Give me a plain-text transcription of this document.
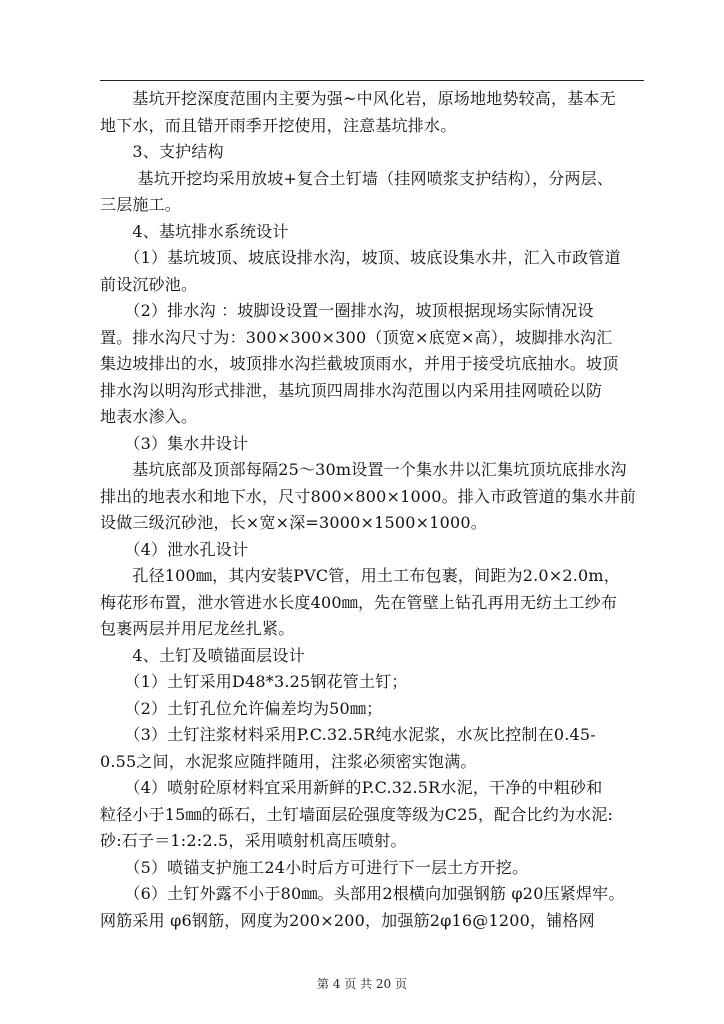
　　基坑开挖深度范围内主要为强~中风化岩，原场地地势较高，基本无
地下水，而且错开雨季开挖使用，注意基坑排水。
　　3、支护结构
　　 基坑开挖均采用放坡+复合土钉墙（挂网喷浆支护结构），分两层、
三层施工。
　　4、基坑排水系统设计
　　（1）基坑坡顶、坡底设排水沟，坡顶、坡底设集水井，汇入市政管道
前设沉砂池。
　　（2）排水沟 ：坡脚设设置一圈排水沟，坡顶根据现场实际情况设
置。排水沟尺寸为：300×300×300（顶宽×底宽×高），坡脚排水沟汇
集边坡排出的水，坡顶排水沟拦截坡顶雨水，并用于接受坑底抽水。坡顶
排水沟以明沟形式排泄，基坑顶四周排水沟范围以内采用挂网喷砼以防
地表水渗入。
　　（3）集水井设计
　　基坑底部及顶部每隔25～30m设置一个集水井以汇集坑顶坑底排水沟
排出的地表水和地下水，尺寸800×800×1000。排入市政管道的集水井前
设做三级沉砂池，长×宽×深=3000×1500×1000。
　　（4）泄水孔设计
　　孔径100㎜，其内安装PVC管，用土工布包裹，间距为2.0×2.0m，
梅花形布置，泄水管进水长度400㎜，先在管壁上钻孔再用无纺土工纱布
包裹两层并用尼龙丝扎紧。
　　4、土钉及喷锚面层设计
　　（1）土钉采用D48*3.25钢花管土钉；
　　（2）土钉孔位允许偏差均为50㎜；
　　（3）土钉注浆材料采用P.C.32.5R纯水泥浆，水灰比控制在0.45-
0.55之间，水泥浆应随拌随用，注浆必须密实饱满。
　　（4）喷射砼原材料宜采用新鲜的P.C.32.5R水泥，干净的中粗砂和
粒径小于15㎜的砾石，土钉墙面层砼强度等级为C25，配合比约为水泥:
砂:石子＝1:2:2.5，采用喷射机高压喷射。
　　（5）喷锚支护施工24小时后方可进行下一层土方开挖。
　　（6）土钉外露不小于80㎜。头部用2根横向加强钢筋 φ20压紧焊牢。
网筋采用 φ6钢筋，网度为200×200，加强筋2φ16@1200，铺格网
第 4 页 共 20 页
